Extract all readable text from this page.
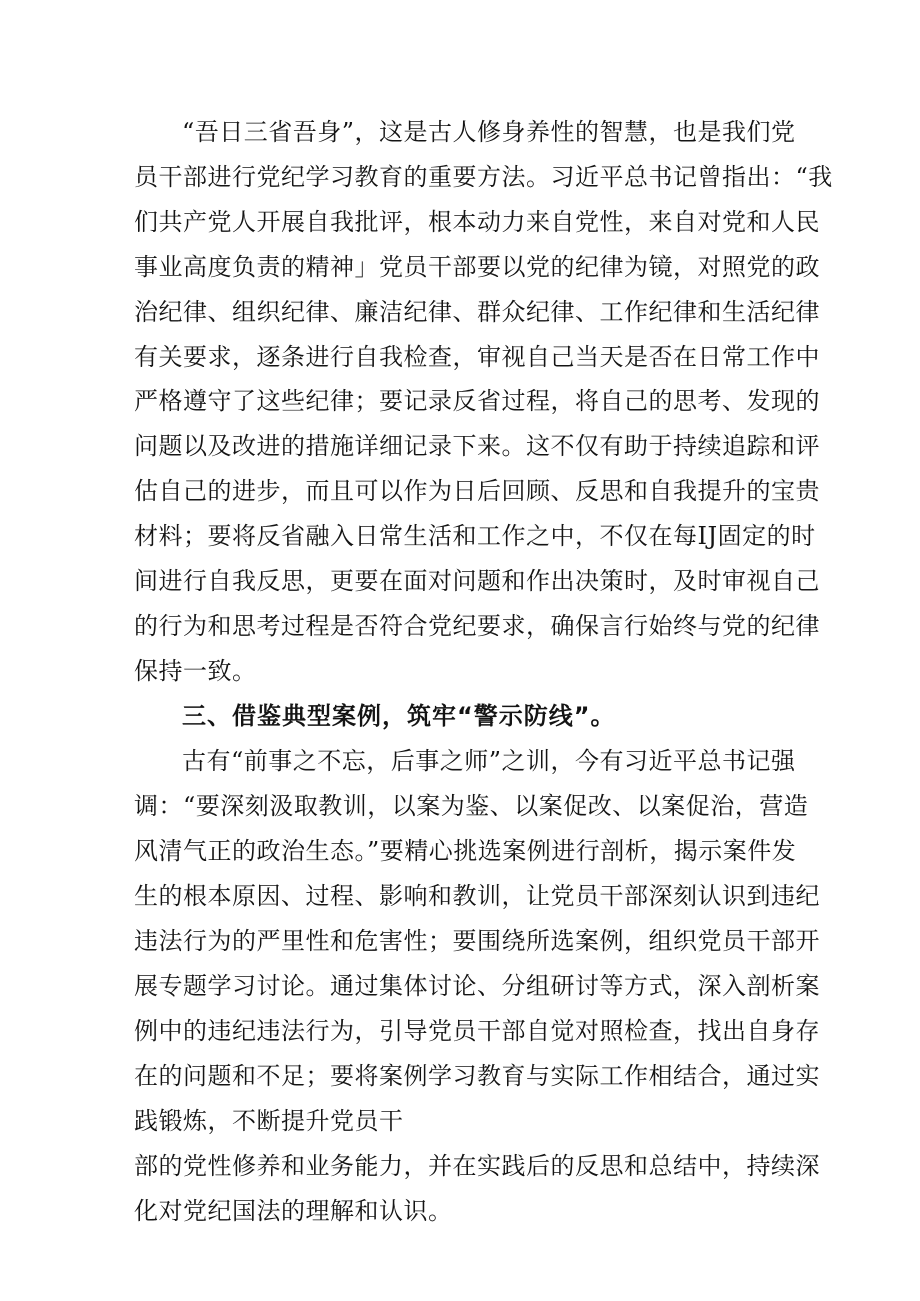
“吾日三省吾身”，这是古人修身养性的智慧，也是我们党

员干部进行党纪学习教育的重要方法。习近平总书记曾指出：“我

们共产党人开展自我批评，根本动力来自党性，来自对党和人民

事业高度负责的精神」党员干部要以党的纪律为镜，对照党的政

治纪律、组织纪律、廉洁纪律、群众纪律、工作纪律和生活纪律

有关要求，逐条进行自我检查，审视自己当天是否在日常工作中

严格遵守了这些纪律；要记录反省过程，将自己的思考、发现的

问题以及改进的措施详细记录下来。这不仅有助于持续追踪和评

估自己的进步，而且可以作为日后回顾、反思和自我提升的宝贵

材料；要将反省融入日常生活和工作之中，不仅在每IJ固定的时

间进行自我反思，更要在面对问题和作出决策时，及时审视自己

的行为和思考过程是否符合党纪要求，确保言行始终与党的纪律

保持一致。

三、借鉴典型案例，筑牢“警示防线”。

古有“前事之不忘，后事之师”之训，今有习近平总书记强

调：“要深刻汲取教训，以案为鉴、以案促改、以案促治，营造

风清气正的政治生态。”要精心挑选案例进行剖析，揭示案件发

生的根本原因、过程、影响和教训，让党员干部深刻认识到违纪

违法行为的严里性和危害性；要围绕所选案例，组织党员干部开

展专题学习讨论。通过集体讨论、分组研讨等方式，深入剖析案

例中的违纪违法行为，引导党员干部自觉对照检查，找出自身存

在的问题和不足；要将案例学习教育与实际工作相结合，通过实

践锻炼，不断提升党员干

部的党性修养和业务能力，并在实践后的反思和总结中，持续深

化对党纪国法的理解和认识。
